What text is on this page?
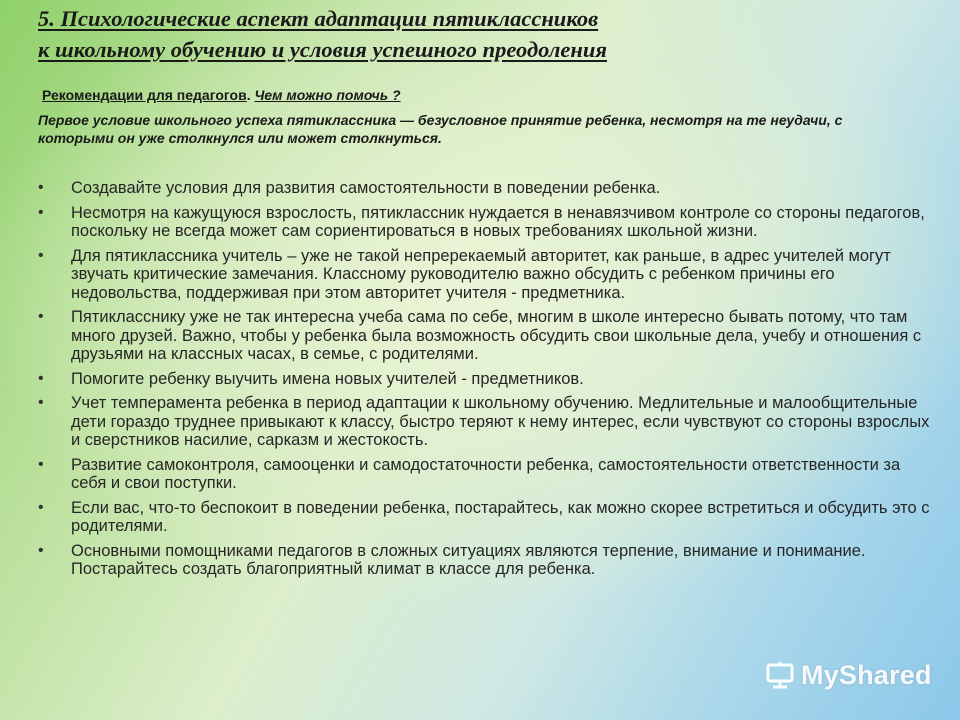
5. Психологические аспект адаптации пятиклассников
к школьному обучению и условия успешного преодоления
Рекомендации для педагогов. Чем можно помочь ?
Первое условие школьного успеха пятиклассника — безусловное принятие ребенка, несмотря на те неудачи, с которыми он уже столкнулся или может столкнуться.
• Создавайте условия для развития самостоятельности в поведении ребенка.
• Несмотря на кажущуюся взрослость, пятиклассник нуждается в ненавязчивом контроле со стороны педагогов, поскольку не всегда может сам сориентироваться в новых требованиях школьной жизни.
• Для пятиклассника учитель – уже не такой непререкаемый авторитет, как раньше, в адрес учителей могут звучать критические замечания. Классному руководителю важно обсудить с ребенком причины его недовольства, поддерживая при этом авторитет учителя - предметника.
• Пятикласснику уже не так интересна учеба сама по себе, многим в школе интересно бывать потому, что там много друзей. Важно, чтобы у ребенка была возможность обсудить свои школьные дела, учебу и отношения с друзьями на классных часах, в семье, с родителями.
• Помогите ребенку выучить имена новых учителей - предметников.
• Учет темперамента ребенка в период адаптации к школьному обучению. Медлительные и малообщительные дети гораздо труднее привыкают к классу, быстро теряют к нему интерес, если чувствуют со стороны взрослых и сверстников насилие, сарказм и жестокость.
• Развитие самоконтроля, самооценки и самодостаточности ребенка, самостоятельности ответственности за себя и свои поступки.
• Если вас, что-то беспокоит в поведении ребенка, постарайтесь, как можно скорее встретиться и обсудить это с родителями.
• Основными помощниками педагогов в сложных ситуациях являются терпение, внимание и понимание. Постарайтесь создать благоприятный климат в классе для ребенка.
MyShared
